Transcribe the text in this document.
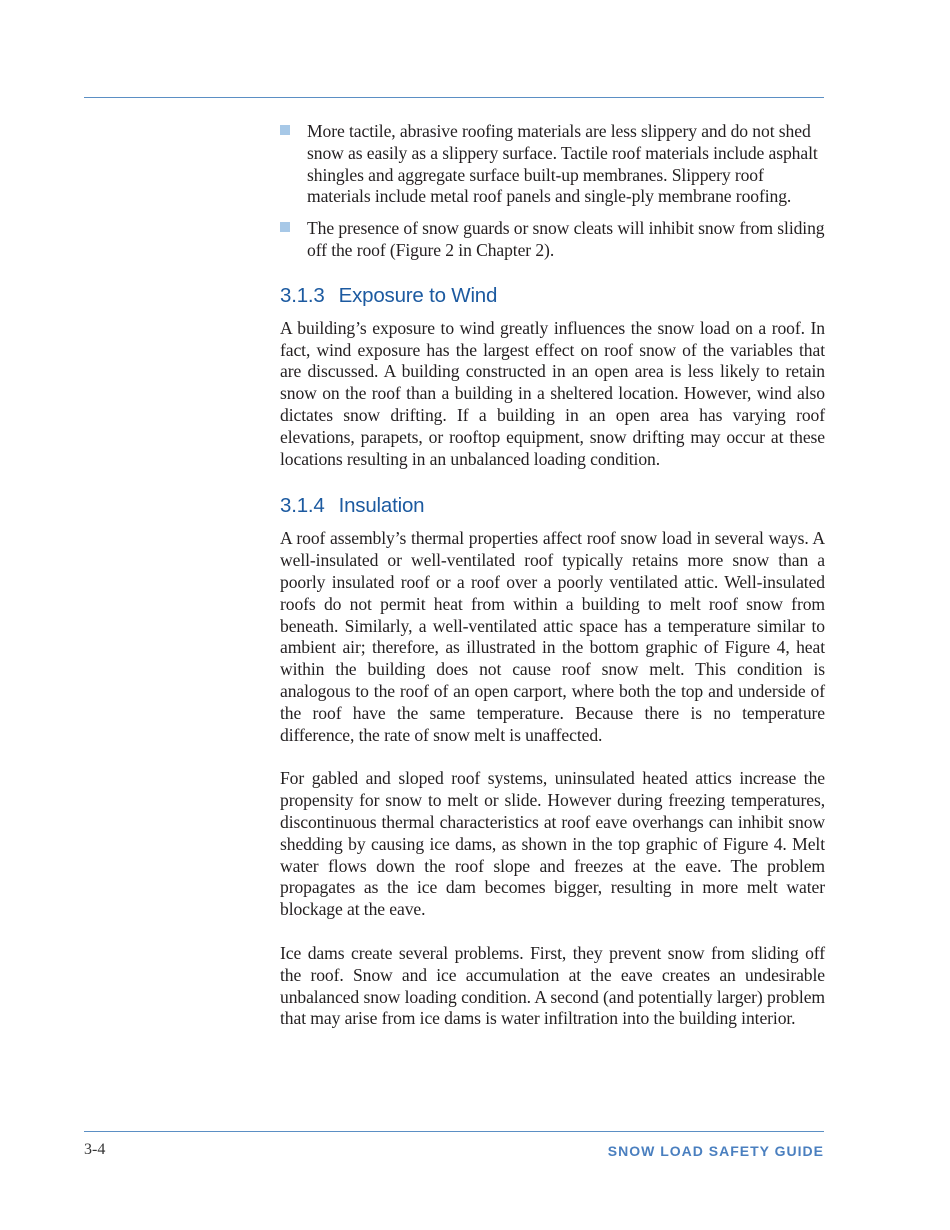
More tactile, abrasive roofing materials are less slippery and do not shed snow as easily as a slippery surface. Tactile roof materials include asphalt shingles and aggregate surface built-up membranes. Slippery roof materials include metal roof panels and single-ply membrane roofing.
The presence of snow guards or snow cleats will inhibit snow from sliding off the roof (Figure 2 in Chapter 2).
3.1.3 Exposure to Wind

A building’s exposure to wind greatly influences the snow load on a roof. In fact, wind exposure has the largest effect on roof snow of the variables that are discussed. A building constructed in an open area is less likely to retain snow on the roof than a building in a sheltered location. However, wind also dictates snow drifting. If a building in an open area has varying roof elevations, parapets, or rooftop equipment, snow drifting may occur at these locations resulting in an unbalanced loading condition.

3.1.4 Insulation

A roof assembly’s thermal properties affect roof snow load in several ways. A well-insulated or well-ventilated roof typically retains more snow than a poorly insulated roof or a roof over a poorly ventilated attic. Well-insulated roofs do not permit heat from within a building to melt roof snow from beneath. Similarly, a well-ventilated attic space has a temperature similar to ambient air; therefore, as illustrated in the bottom graphic of Figure 4, heat within the building does not cause roof snow melt. This condition is analogous to the roof of an open carport, where both the top and underside of the roof have the same temperature. Because there is no temperature difference, the rate of snow melt is unaffected.

For gabled and sloped roof systems, uninsulated heated attics increase the propensity for snow to melt or slide. However during freezing temperatures, discontinuous thermal characteristics at roof eave overhangs can inhibit snow shedding by causing ice dams, as shown in the top graphic of Figure 4. Melt water flows down the roof slope and freezes at the eave. The problem propagates as the ice dam becomes bigger, resulting in more melt water blockage at the eave.

Ice dams create several problems. First, they prevent snow from sliding off the roof. Snow and ice accumulation at the eave creates an undesirable unbalanced snow loading condition. A second (and potentially larger) problem that may arise from ice dams is water infiltration into the building interior.

3-4	SNOW LOAD SAFETY GUIDE
